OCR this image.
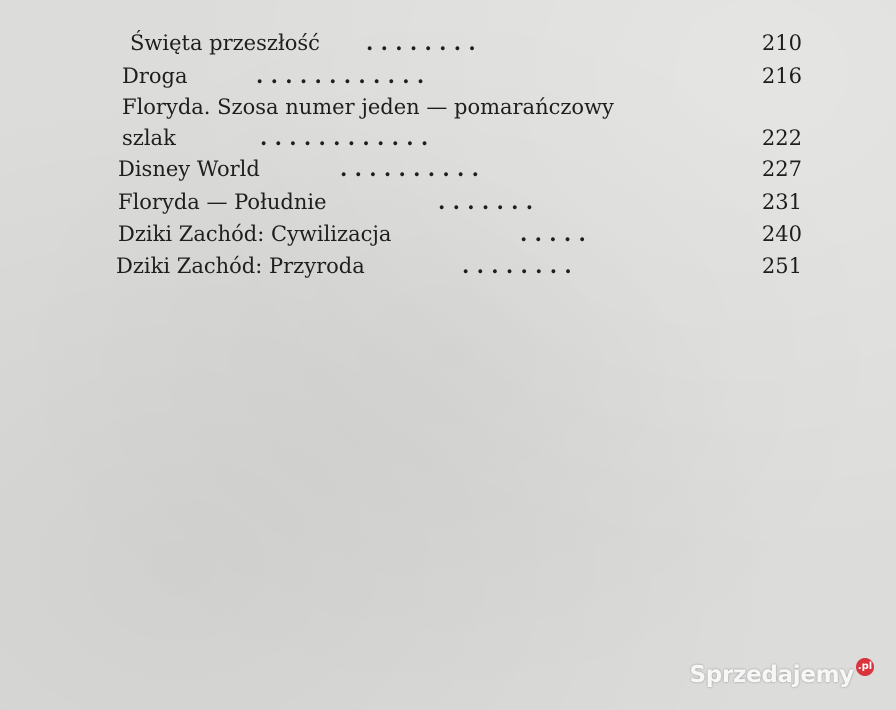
Święta przeszłość . . . . . . . .	210
Droga	. . . . . . . . . . . .	216
Floryda. Szosa numer jeden — pomarańczowy
szlak	. . . . . . . . . . . .	222
Disney World	. . . . . . . . . .	227
Floryda — Południe	. . . . . . .	231
Dziki Zachód: Cywilizacja	. . . . .	240
Dziki Zachód: Przyroda	. . . . . . . .	251
Sprzedajemy .pl
